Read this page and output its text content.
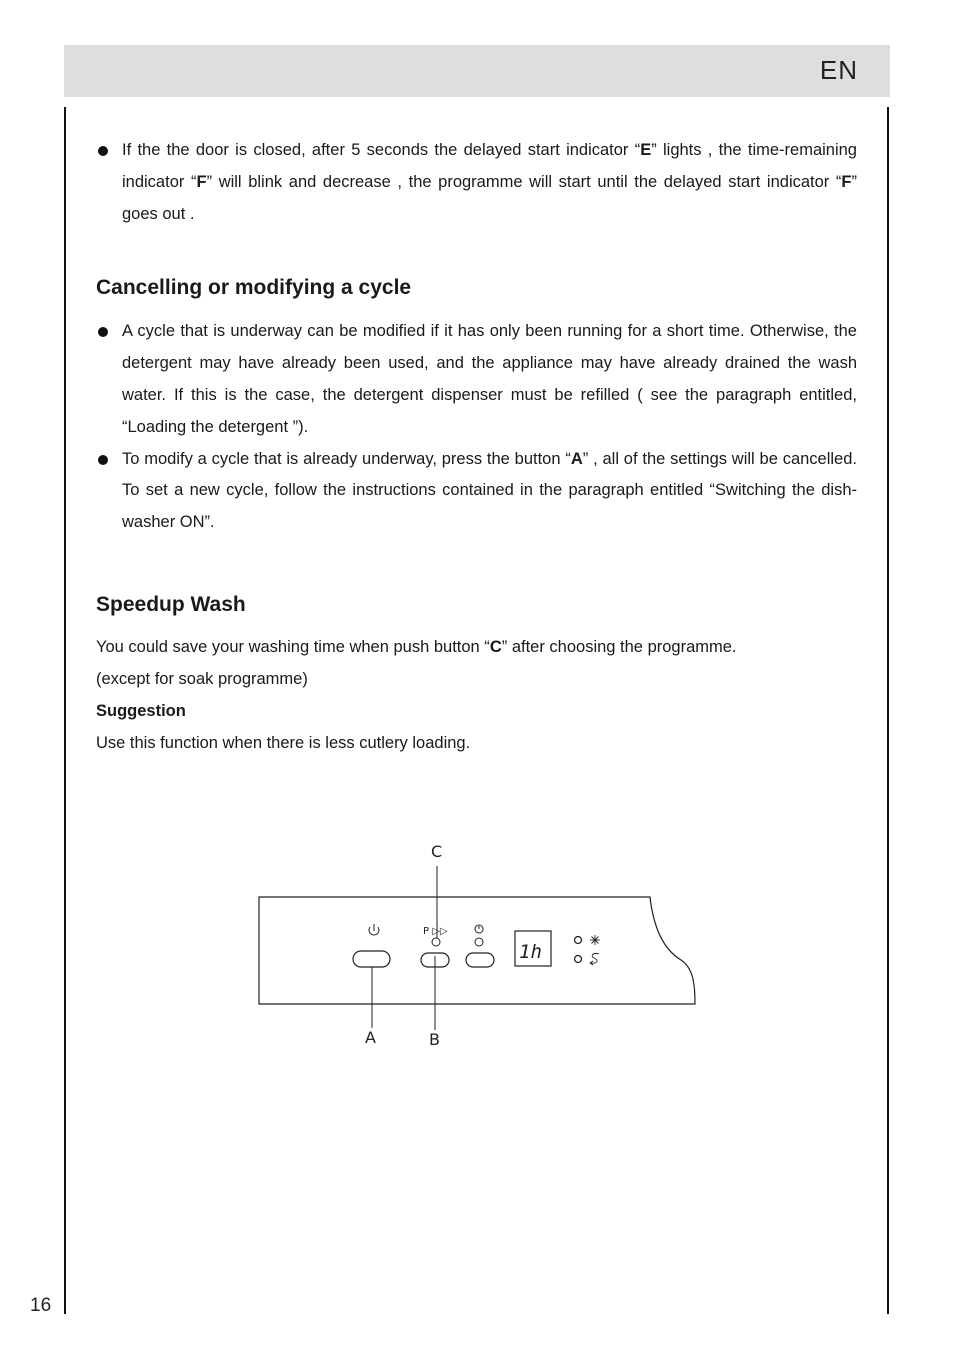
EN
16

If the the door is closed, after 5 seconds the delayed start indicator “E” lights , the time-remaining indicator “F” will blink and decrease , the programme will start until the delayed start indicator “F” goes out .

Cancelling or modifying a cycle

A cycle that is underway can be modified if it has only been running for a short time. Otherwise, the detergent may have already been used, and the appliance may have already drained the wash water. If this is the case, the detergent dispenser must be refilled ( see the paragraph entitled, “Loading the detergent ”).

To modify a cycle that is already underway, press the button “A” , all of the settings will be cancelled. To set a new cycle, follow the instructions contained in the paragraph entitled “Switching the dish-washer ON”.

Speedup Wash

You could save your washing time when push button “C” after choosing the programme.

(except for soak programme)

Suggestion

Use this function when there is less cutlery loading.

P ▷▷
1h
C
A	B
